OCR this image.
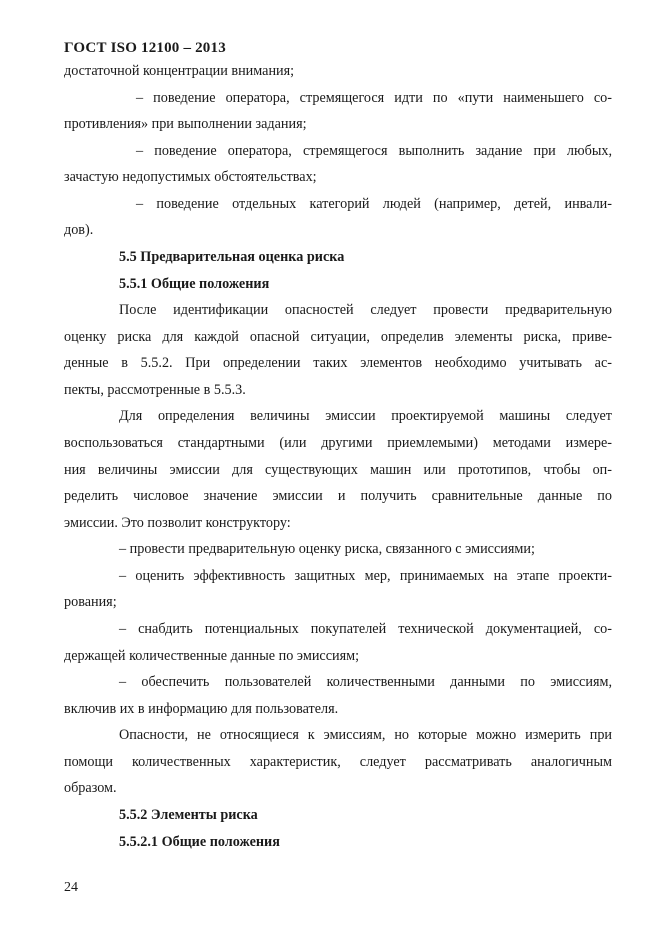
ГОСТ ISO 12100 – 2013
достаточной концентрации внимания;
– поведение оператора, стремящегося идти по «пути наименьшего со-
противления» при выполнении задания;
– поведение оператора, стремящегося выполнить задание при любых,
зачастую недопустимых обстоятельствах;
– поведение отдельных категорий людей (например, детей, инвали-
дов).
5.5 Предварительная оценка риска
5.5.1 Общие положения
После идентификации опасностей следует провести предварительную
оценку риска для каждой опасной ситуации, определив элементы риска, приве-
денные в 5.5.2. При определении таких элементов необходимо учитывать ас-
пекты, рассмотренные в 5.5.3.
Для определения величины эмиссии проектируемой машины следует
воспользоваться стандартными (или другими приемлемыми) методами измере-
ния величины эмиссии для существующих машин или прототипов, чтобы оп-
ределить числовое значение эмиссии и получить сравнительные данные по
эмиссии. Это позволит конструктору:
– провести предварительную оценку риска, связанного с эмиссиями;
– оценить эффективность защитных мер, принимаемых на этапе проекти-
рования;
– снабдить потенциальных покупателей технической документацией, со-
держащей количественные данные по эмиссиям;
– обеспечить пользователей количественными данными по эмиссиям,
включив их в информацию для пользователя.
Опасности, не относящиеся к эмиссиям, но которые можно измерить при
помощи количественных характеристик, следует рассматривать аналогичным
образом.
5.5.2 Элементы риска
5.5.2.1 Общие положения
24
